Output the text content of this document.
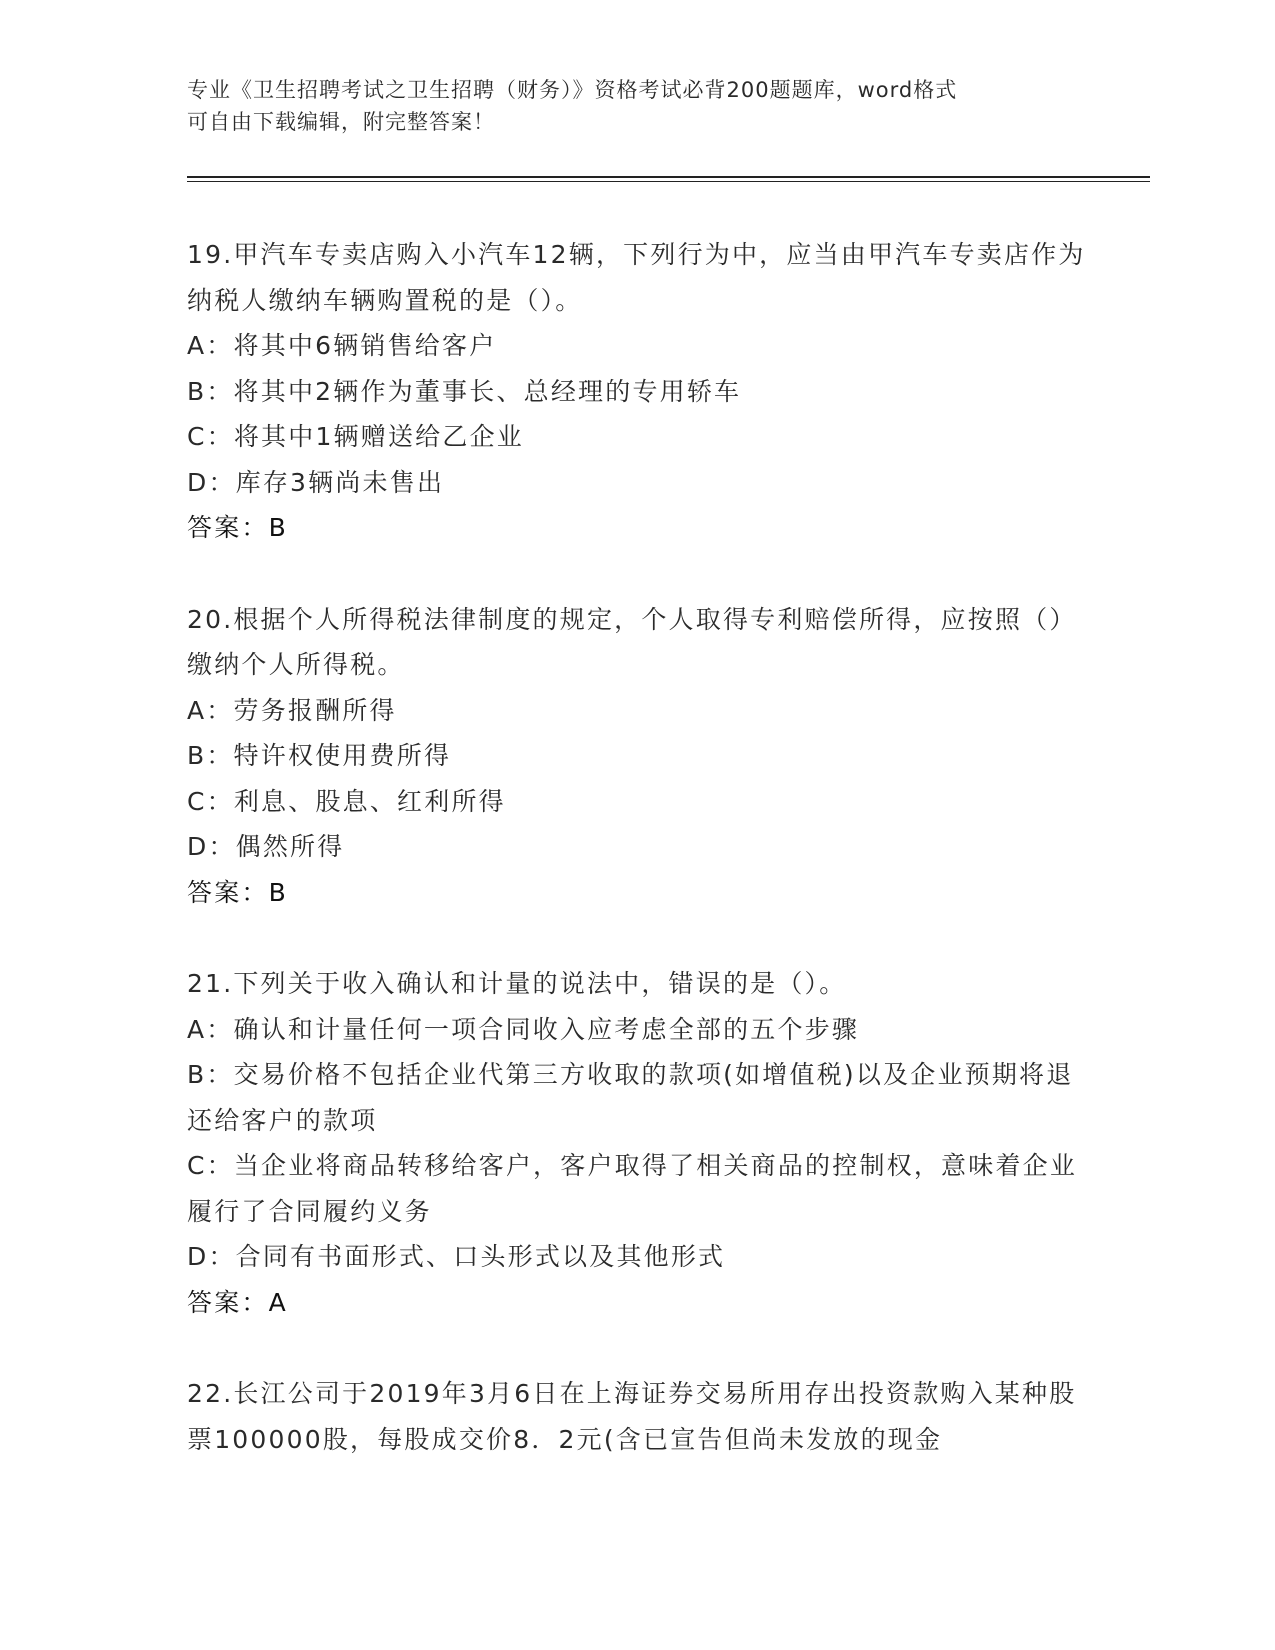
专业《卫生招聘考试之卫生招聘（财务）》资格考试必背200题题库，word格式
可自由下载编辑，附完整答案！
19.甲汽车专卖店购入小汽车12辆，下列行为中，应当由甲汽车专卖店作为纳税人缴纳车辆购置税的是（）。
A：将其中6辆销售给客户
B：将其中2辆作为董事长、总经理的专用轿车
C：将其中1辆赠送给乙企业
D：库存3辆尚未售出
答案：B
20.根据个人所得税法律制度的规定，个人取得专利赔偿所得，应按照（）缴纳个人所得税。
A：劳务报酬所得
B：特许权使用费所得
C：利息、股息、红利所得
D：偶然所得
答案：B
21.下列关于收入确认和计量的说法中，错误的是（）。
A：确认和计量任何一项合同收入应考虑全部的五个步骤
B：交易价格不包括企业代第三方收取的款项(如增值税)以及企业预期将退还给客户的款项
C：当企业将商品转移给客户，客户取得了相关商品的控制权，意味着企业履行了合同履约义务
D：合同有书面形式、口头形式以及其他形式
答案：A
22.长江公司于2019年3月6日在上海证券交易所用存出投资款购入某种股票100000股，每股成交价8．2元(含已宣告但尚未发放的现金
